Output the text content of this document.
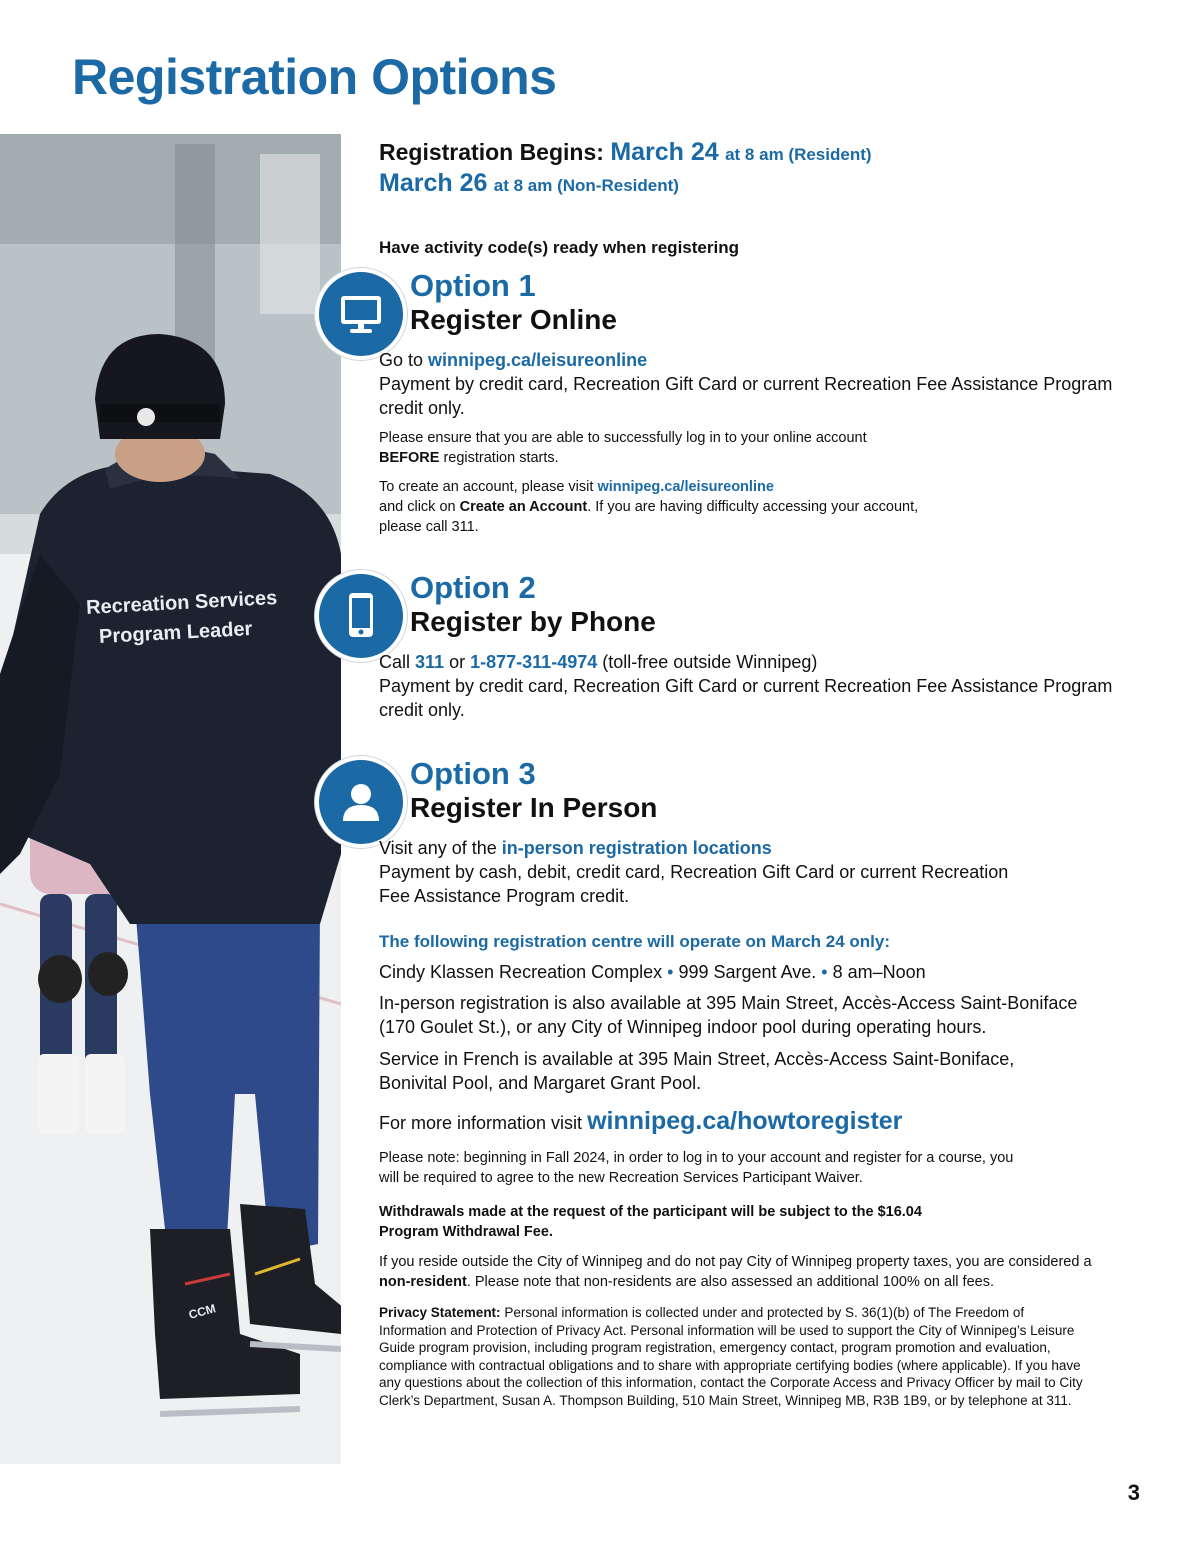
Registration Options
Recreation Services
Program Leader
CCM
Registration Begins: March 24 at 8 am (Resident)
March 26 at 8 am (Non-Resident)
Have activity code(s) ready when registering
Option 1
Register Online

Go to winnipeg.ca/leisureonline

Payment by credit card, Recreation Gift Card or current Recreation Fee Assistance Program credit only.

Please ensure that you are able to successfully log in to your online account
BEFORE registration starts.

To create an account, please visit winnipeg.ca/leisureonline
and click on Create an Account. If you are having difficulty accessing your account,
please call 311.

Option 2
Register by Phone

Call 311 or 1-877-311-4974 (toll-free outside Winnipeg)

Payment by credit card, Recreation Gift Card or current Recreation Fee Assistance Program credit only.

Option 3
Register In Person

Visit any of the in-person registration locations

Payment by cash, debit, credit card, Recreation Gift Card or current Recreation Fee Assistance Program credit.

The following registration centre will operate on March 24 only:

Cindy Klassen Recreation Complex • 999 Sargent Ave. • 8 am–Noon

In-person registration is also available at 395 Main Street, Accès-Access Saint-Boniface (170 Goulet St.), or any City of Winnipeg indoor pool during operating hours.

Service in French is available at 395 Main Street, Accès-Access Saint-Boniface, Bonivital Pool, and Margaret Grant Pool.

For more information visit winnipeg.ca/howtoregister

Please note: beginning in Fall 2024, in order to log in to your account and register for a course, you will be required to agree to the new Recreation Services Participant Waiver.

Withdrawals made at the request of the participant will be subject to the $16.04 Program Withdrawal Fee.

If you reside outside the City of Winnipeg and do not pay City of Winnipeg property taxes, you are considered a non-resident. Please note that non-residents are also assessed an additional 100% on all fees.

Privacy Statement: Personal information is collected under and protected by S. 36(1)(b) of The Freedom of Information and Protection of Privacy Act. Personal information will be used to support the City of Winnipeg’s Leisure Guide program provision, including program registration, emergency contact, program promotion and evaluation, compliance with contractual obligations and to share with appropriate certifying bodies (where applicable). If you have any questions about the collection of this information, contact the Corporate Access and Privacy Officer by mail to City Clerk’s Department, Susan A. Thompson Building, 510 Main Street, Winnipeg MB, R3B 1B9, or by telephone at 311.

3
